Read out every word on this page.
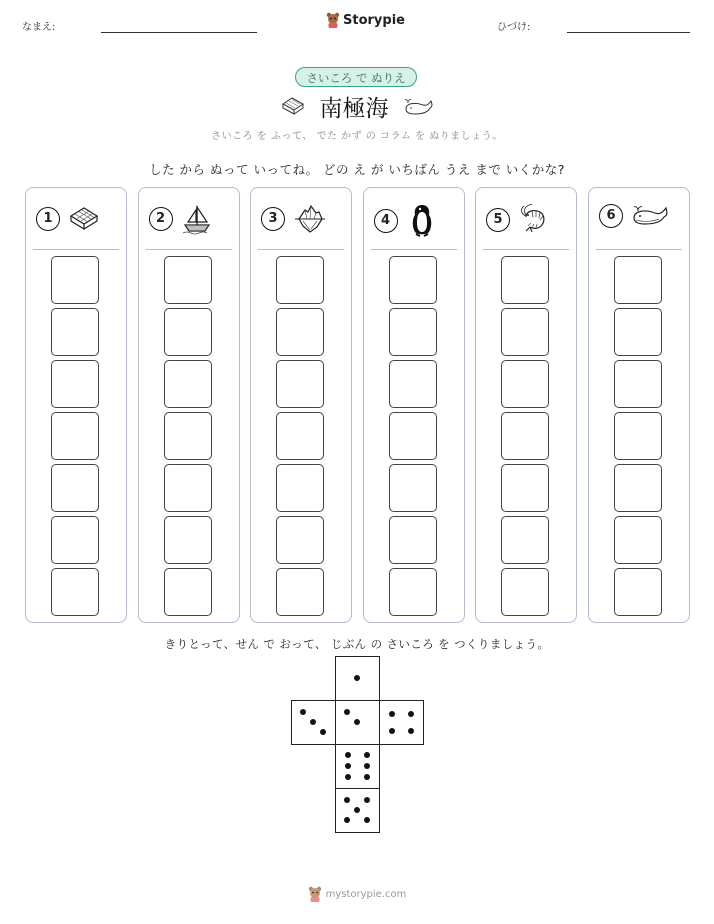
なまえ:	Storypie	ひづけ:
さいころ で ぬりえ
南極海
さいころ を ふって、 でた かず の コラム を ぬりましょう。
した から ぬって いってね。 どの え が いちばん うえ まで いくかな?
1	2	3	4	5	6
きりとって、せん で おって、 じぶん の さいころ を つくりましょう。
mystorypie.com
